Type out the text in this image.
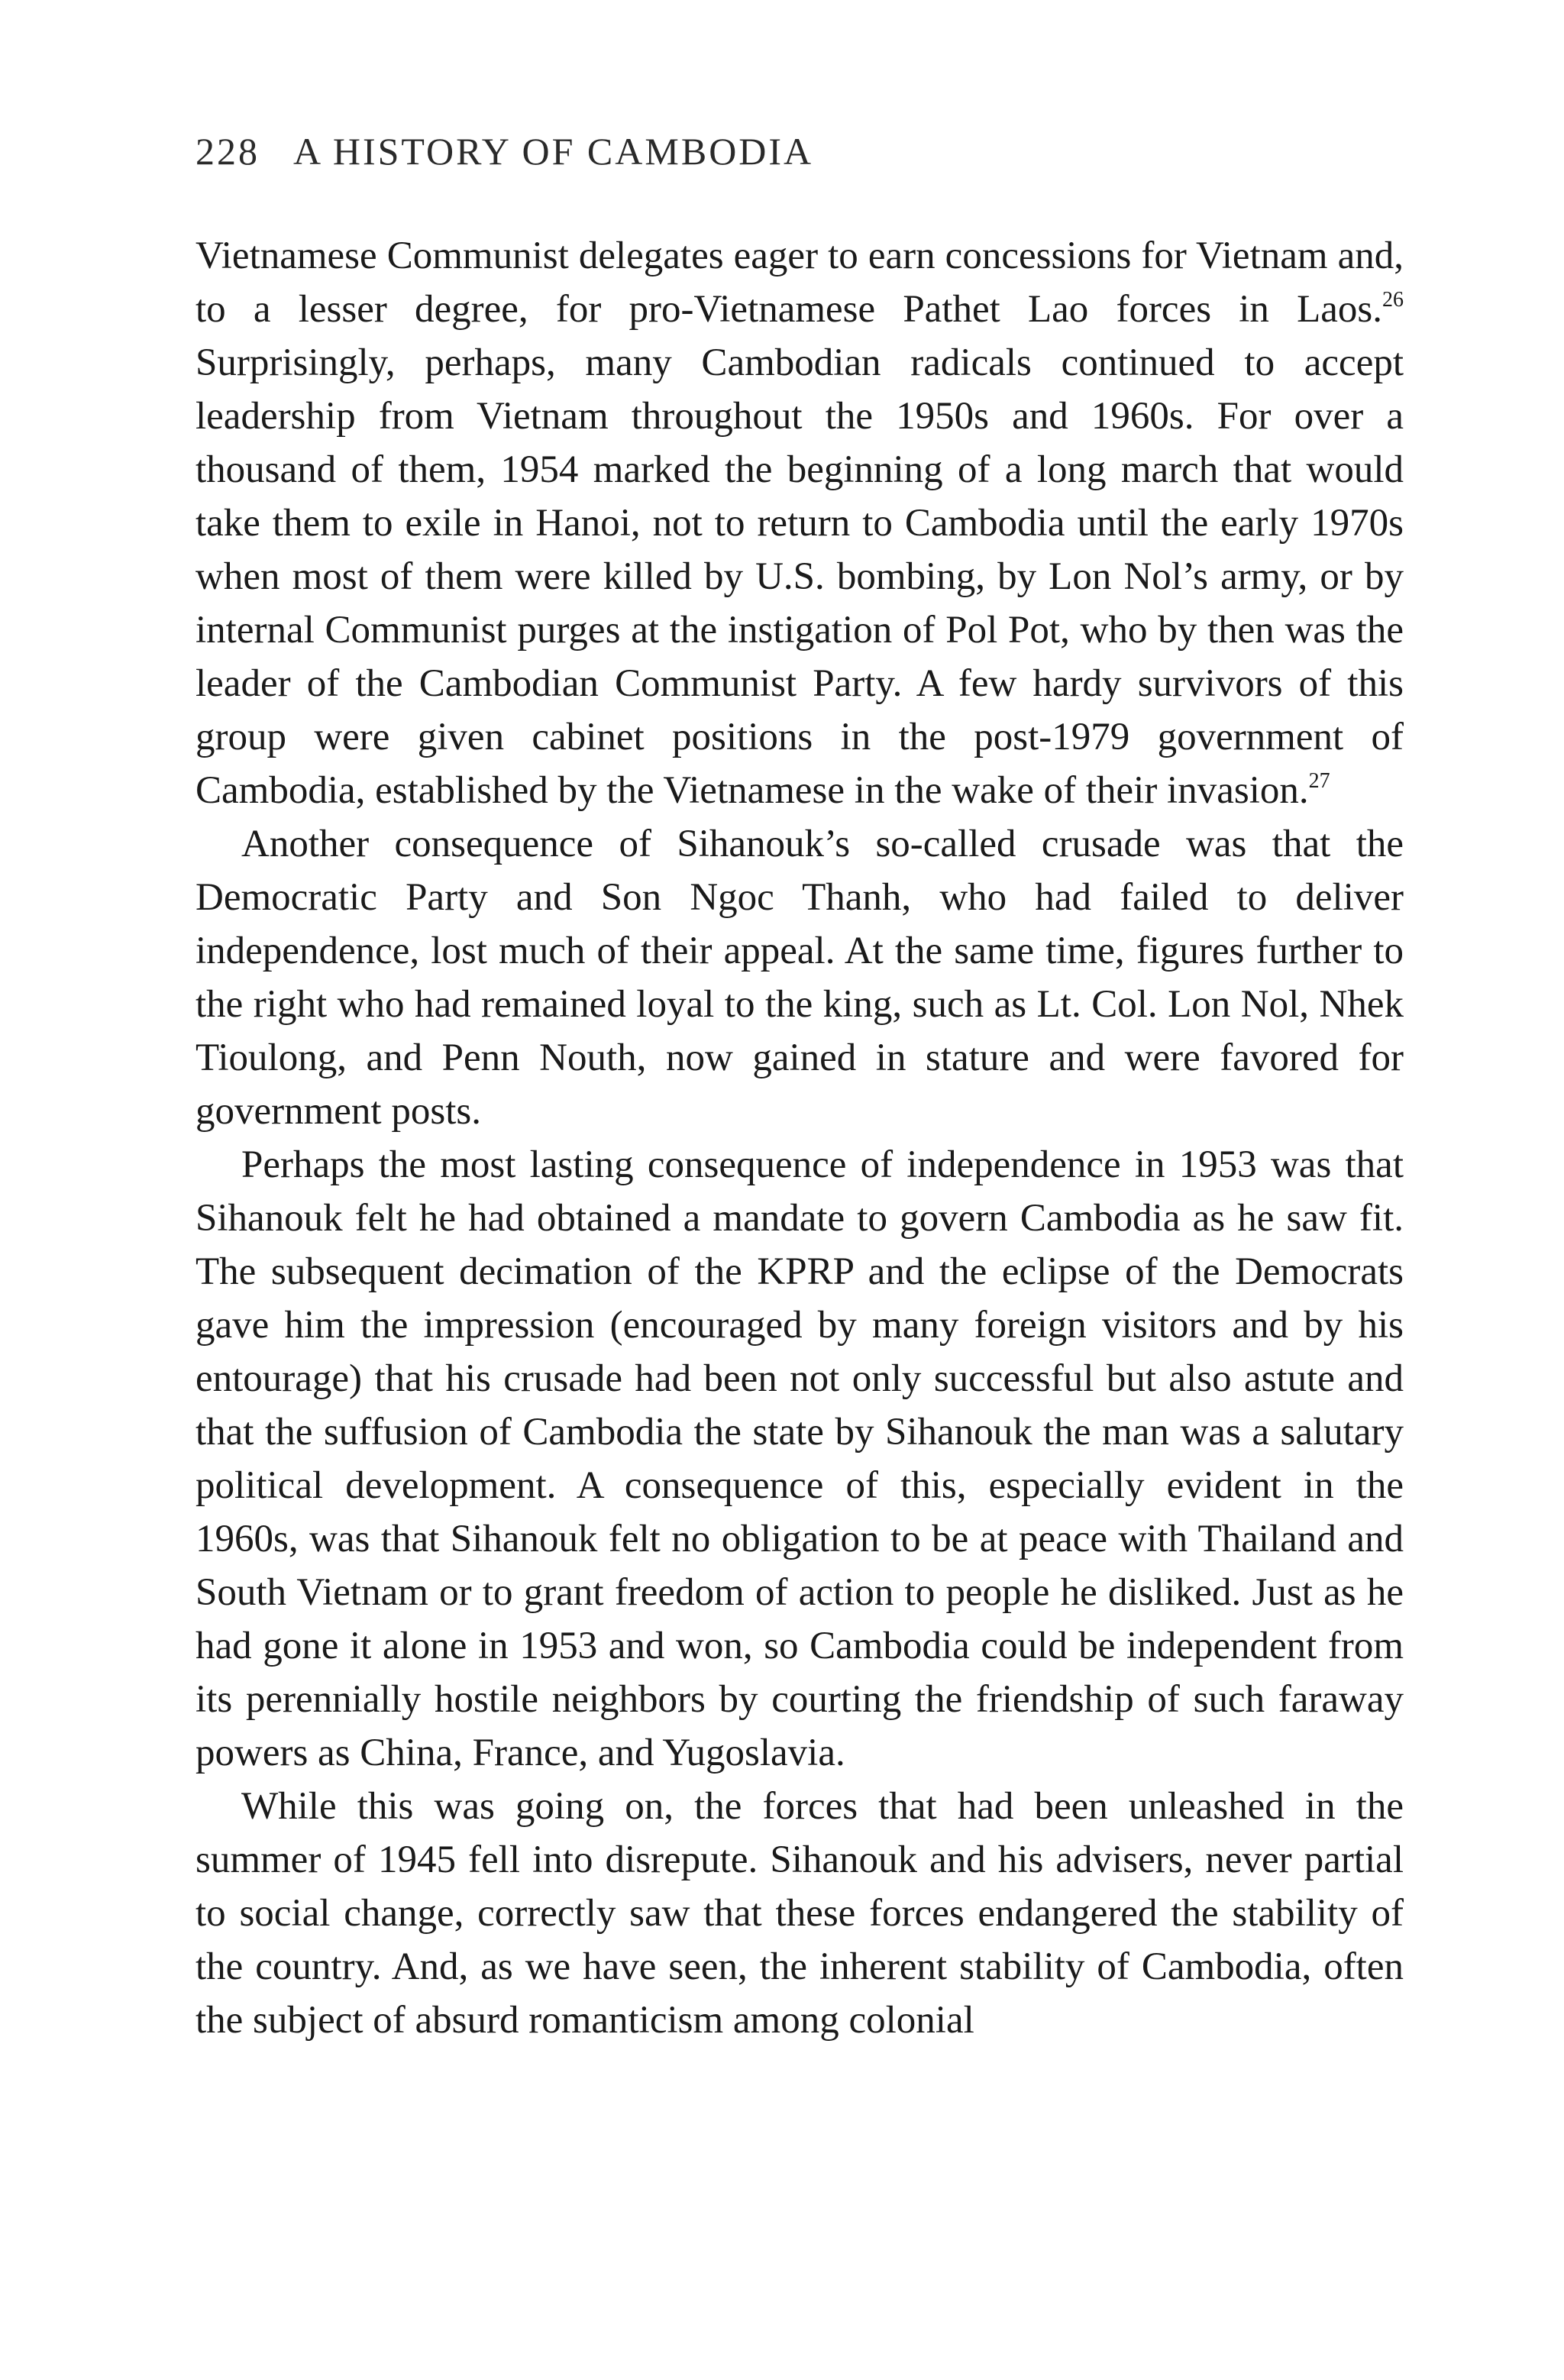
228 A HISTORY OF CAMBODIA

Vietnamese Communist delegates eager to earn concessions for Vietnam and, to a lesser degree, for pro-Vietnamese Pathet Lao forces in Laos.$^{26}$ Surprisingly, perhaps, many Cambodian radicals continued to accept leadership from Vietnam throughout the 1950s and 1960s. For over a thousand of them, 1954 marked the beginning of a long march that would take them to exile in Hanoi, not to return to Cambodia until the early 1970s when most of them were killed by U.S. bombing, by Lon Nol’s army, or by internal Communist purges at the instigation of Pol Pot, who by then was the leader of the Cambodian Communist Party. A few hardy survivors of this group were given cabinet positions in the post-1979 government of Cambodia, established by the Vietnamese in the wake of their invasion.$^{27}$

Another consequence of Sihanouk’s so-called crusade was that the Democratic Party and Son Ngoc Thanh, who had failed to deliver independence, lost much of their appeal. At the same time, figures further to the right who had remained loyal to the king, such as Lt. Col. Lon Nol, Nhek Tioulong, and Penn Nouth, now gained in stature and were favored for government posts.

Perhaps the most lasting consequence of independence in 1953 was that Sihanouk felt he had obtained a mandate to govern Cambodia as he saw fit. The subsequent decimation of the KPRP and the eclipse of the Democrats gave him the impression (encouraged by many foreign visitors and by his entourage) that his crusade had been not only successful but also astute and that the suffusion of Cambodia the state by Sihanouk the man was a salutary political development. A consequence of this, especially evident in the 1960s, was that Sihanouk felt no obligation to be at peace with Thailand and South Vietnam or to grant freedom of action to people he disliked. Just as he had gone it alone in 1953 and won, so Cambodia could be independent from its perennially hostile neighbors by courting the friendship of such faraway powers as China, France, and Yugoslavia.

While this was going on, the forces that had been unleashed in the summer of 1945 fell into disrepute. Sihanouk and his advisers, never partial to social change, correctly saw that these forces endangered the stability of the country. And, as we have seen, the inherent stability of Cambodia, often the subject of absurd romanticism among colonial
